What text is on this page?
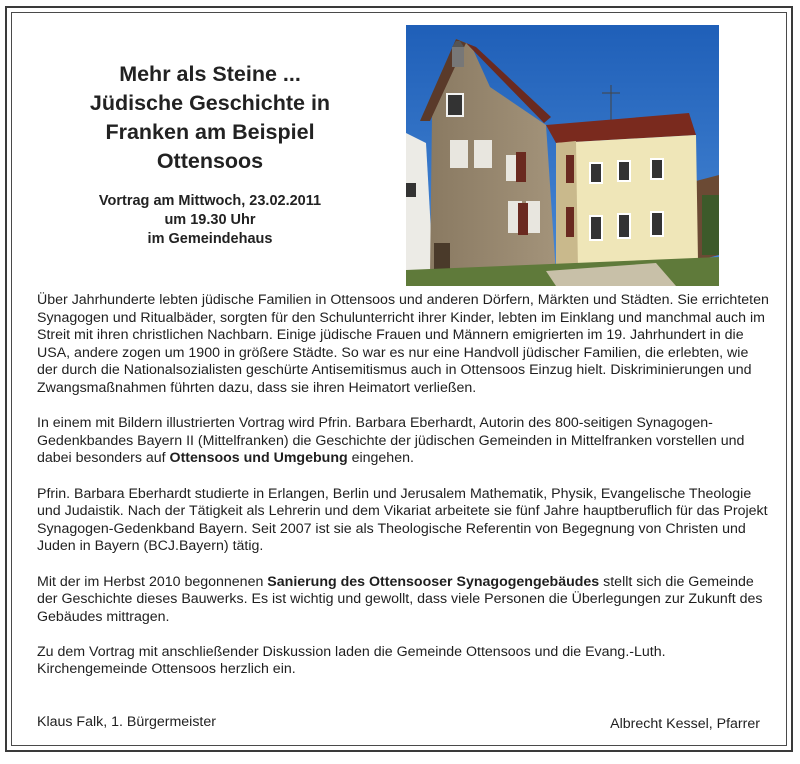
Mehr als Steine ...
Jüdische Geschichte in
Franken am Beispiel
Ottensoos
Vortrag am Mittwoch, 23.02.2011
um 19.30 Uhr
im Gemeindehaus

Über Jahrhunderte lebten jüdische Familien in Ottensoos und anderen Dörfern, Märkten und Städten. Sie errichteten Synagogen und Ritualbäder, sorgten für den Schulunterricht ihrer Kinder, lebten im Einklang und manchmal auch im Streit mit ihren christlichen Nachbarn. Einige jüdische Frauen und Männern emigrierten im 19. Jahrhundert in die USA, andere zogen um 1900 in größere Städte. So war es nur eine Handvoll jüdischer Familien, die erlebten, wie der durch die Nationalsozialisten geschürte Antisemitismus auch in Ottensoos Einzug hielt. Diskriminierungen und Zwangsmaßnahmen führten dazu, dass sie ihren Heimatort verließen.

In einem mit Bildern illustrierten Vortrag wird Pfrin. Barbara Eberhardt, Autorin des 800-seitigen Synagogen-Gedenkbandes Bayern II (Mittelfranken) die Geschichte der jüdischen Gemeinden in Mittelfranken vorstellen und dabei besonders auf Ottensoos und Umgebung eingehen.

Pfrin. Barbara Eberhardt studierte in Erlangen, Berlin und Jerusalem Mathematik, Physik, Evangelische Theologie und Judaistik. Nach der Tätigkeit als Lehrerin und dem Vikariat arbeitete sie fünf Jahre hauptberuflich für das Projekt Synagogen-Gedenkband Bayern. Seit 2007 ist sie als Theologische Referentin von Begegnung von Christen und Juden in Bayern (BCJ.Bayern) tätig.

Mit der im Herbst 2010 begonnenen Sanierung des Ottensooser Synagogengebäudes stellt sich die Gemeinde der Geschichte dieses Bauwerks. Es ist wichtig und gewollt, dass viele Personen die Überlegungen zur Zukunft des Gebäudes mittragen.

Zu dem Vortrag mit anschließender Diskussion laden die Gemeinde Ottensoos und die Evang.-Luth. Kirchengemeinde Ottensoos herzlich ein.

Klaus Falk, 1. Bürgermeister	Albrecht Kessel, Pfarrer
